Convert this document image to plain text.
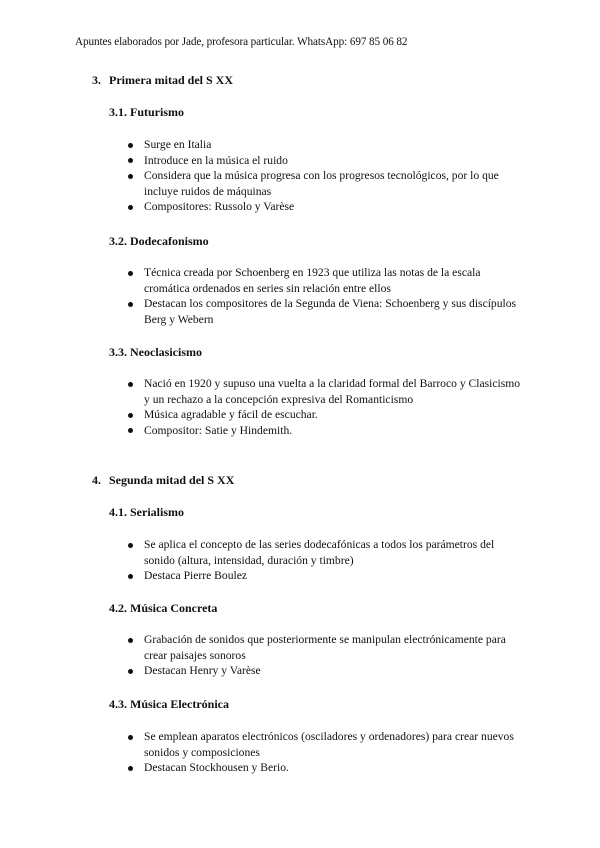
Apuntes elaborados por Jade, profesora particular. WhatsApp: 697 85 06 82
3. Primera mitad del S XX
3.1. Futurismo
Surge en Italia
Introduce en la música el ruido
Considera que la música progresa con los progresos tecnológicos, por lo que incluye ruidos de máquinas
Compositores: Russolo y Varèse
3.2. Dodecafonismo
Técnica creada por Schoenberg en 1923 que utiliza las notas de la escala cromática ordenados en series sin relación entre ellos
Destacan los compositores de la Segunda de Viena: Schoenberg y sus discípulos Berg y Webern
3.3. Neoclasicismo
Nació en 1920 y supuso una vuelta a la claridad formal del Barroco y Clasicismo y un rechazo a la concepción expresiva del Romanticismo
Música agradable y fácil de escuchar.
Compositor: Satie y Hindemith.
4. Segunda mitad del S XX
4.1. Serialismo
Se aplica el concepto de las series dodecafónicas a todos los parámetros del sonido (altura, intensidad, duración y timbre)
Destaca Pierre Boulez
4.2. Música Concreta
Grabación de sonidos que posteriormente se manipulan electrónicamente para crear paisajes sonoros
Destacan Henry y Varèse
4.3. Música Electrónica
Se emplean aparatos electrónicos (osciladores y ordenadores) para crear nuevos sonidos y composiciones
Destacan Stockhousen y Berio.
